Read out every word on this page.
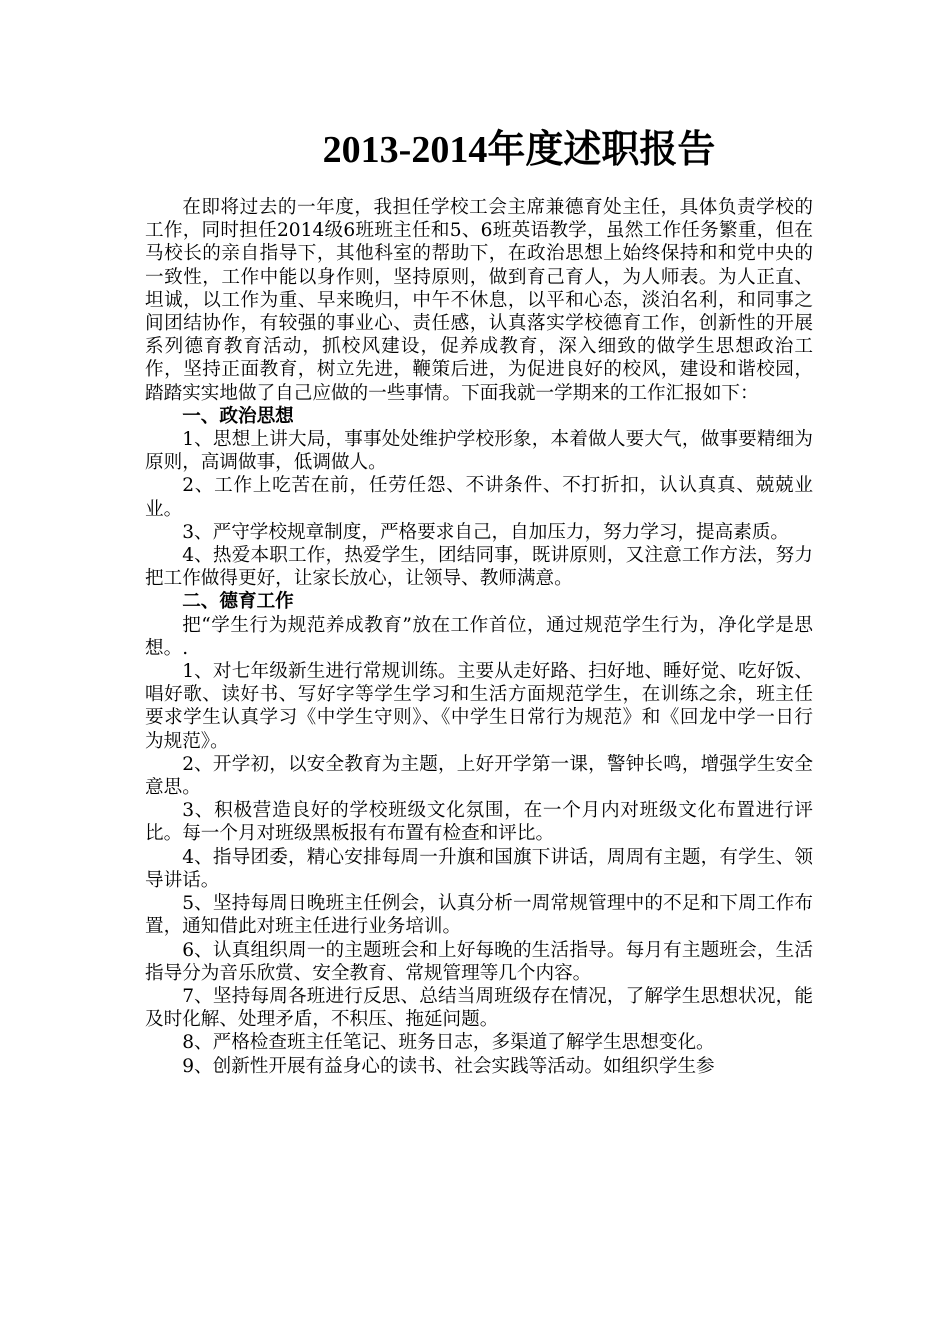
2013-2014年度述职报告

在即将过去的一年度，我担任学校工会主席兼德育处主任，具体负责学校的工作，同时担任2014级6班班主任和5、6班英语教学，虽然工作任务繁重，但在马校长的亲自指导下，其他科室的帮助下，在政治思想上始终保持和和党中央的一致性，工作中能以身作则，坚持原则，做到育己育人，为人师表。为人正直、坦诚，以工作为重、早来晚归，中午不休息，以平和心态，淡泊名利，和同事之间团结协作，有较强的事业心、责任感，认真落实学校德育工作，创新性的开展系列德育教育活动，抓校风建设，促养成教育，深入细致的做学生思想政治工作，坚持正面教育，树立先进，鞭策后进，为促进良好的校风，建设和谐校园，踏踏实实地做了自己应做的一些事情。下面我就一学期来的工作汇报如下：

一、政治思想

1、思想上讲大局，事事处处维护学校形象，本着做人要大气，做事要精细为原则，高调做事，低调做人。

2、工作上吃苦在前，任劳任怨、不讲条件、不打折扣，认认真真、兢兢业业。

3、严守学校规章制度，严格要求自己，自加压力，努力学习，提高素质。

4、热爱本职工作，热爱学生，团结同事，既讲原则，又注意工作方法，努力把工作做得更好，让家长放心，让领导、教师满意。

二、德育工作

把“学生行为规范养成教育”放在工作首位，通过规范学生行为，净化学是思想。.

1、对七年级新生进行常规训练。主要从走好路、扫好地、睡好觉、吃好饭、唱好歌、读好书、写好字等学生学习和生活方面规范学生，在训练之余，班主任要求学生认真学习《中学生守则》、《中学生日常行为规范》和《回龙中学一日行为规范》。

2、开学初，以安全教育为主题，上好开学第一课，警钟长鸣，增强学生安全意思。

3、积极营造良好的学校班级文化氛围，在一个月内对班级文化布置进行评比。每一个月对班级黑板报有布置有检查和评比。

4、指导团委，精心安排每周一升旗和国旗下讲话，周周有主题，有学生、领导讲话。

5、坚持每周日晚班主任例会，认真分析一周常规管理中的不足和下周工作布置，通知借此对班主任进行业务培训。

6、认真组织周一的主题班会和上好每晚的生活指导。每月有主题班会，生活指导分为音乐欣赏、安全教育、常规管理等几个内容。

7、坚持每周各班进行反思、总结当周班级存在情况，了解学生思想状况，能及时化解、处理矛盾，不积压、拖延问题。

8、严格检查班主任笔记、班务日志，多渠道了解学生思想变化。

9、创新性开展有益身心的读书、社会实践等活动。如组织学生参
